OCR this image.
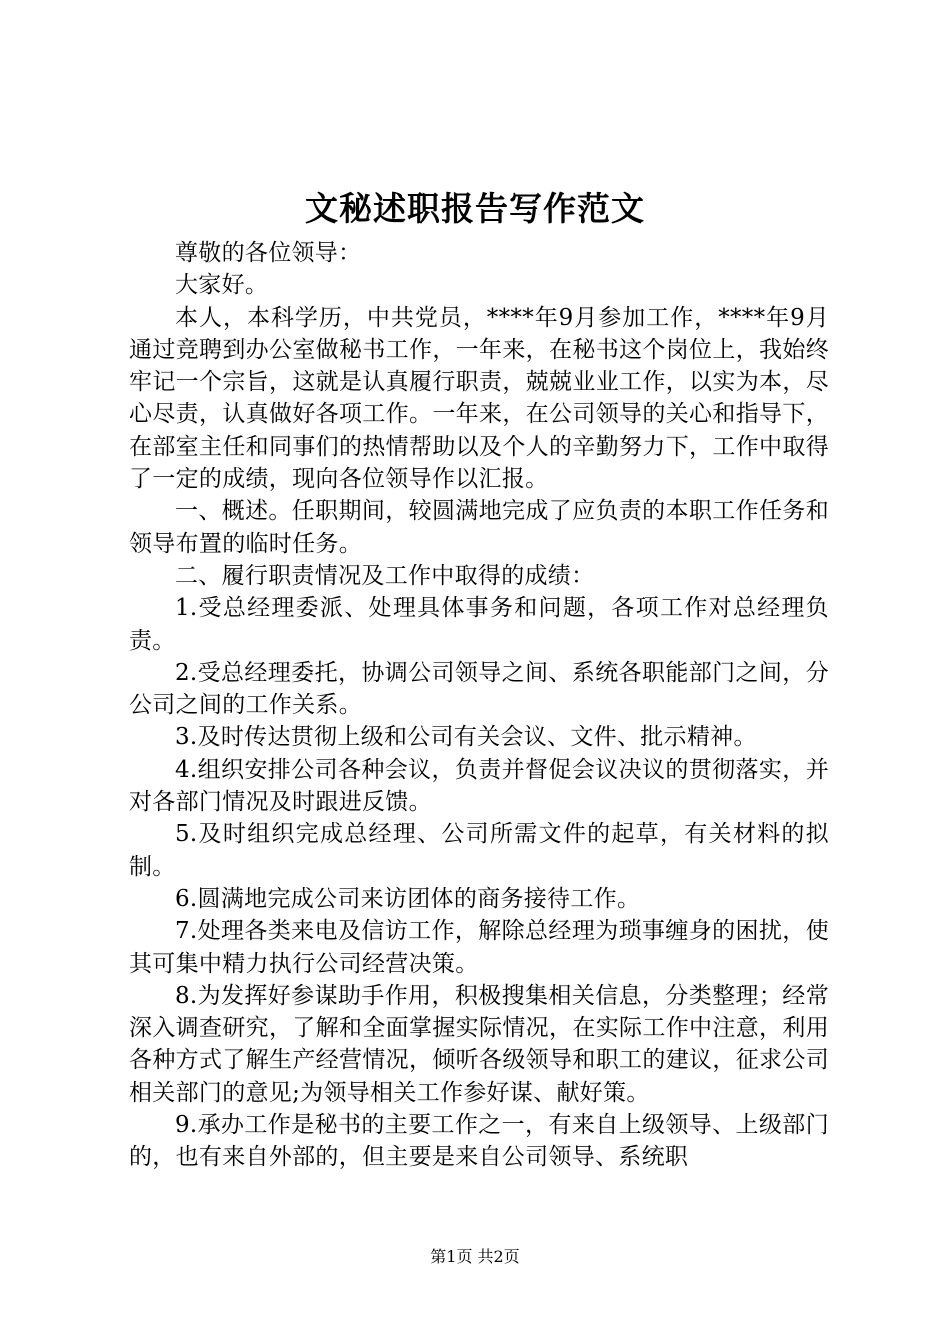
文秘述职报告写作范文

尊敬的各位领导：

大家好。

本人，本科学历，中共党员，****年9月参加工作，****年9月通过竞聘到办公室做秘书工作，一年来，在秘书这个岗位上，我始终牢记一个宗旨，这就是认真履行职责，兢兢业业工作，以实为本，尽心尽责，认真做好各项工作。一年来，在公司领导的关心和指导下，在部室主任和同事们的热情帮助以及个人的辛勤努力下，工作中取得了一定的成绩，现向各位领导作以汇报。

一、概述。任职期间，较圆满地完成了应负责的本职工作任务和领导布置的临时任务。

二、履行职责情况及工作中取得的成绩：

1.受总经理委派、处理具体事务和问题，各项工作对总经理负责。

2.受总经理委托，协调公司领导之间、系统各职能部门之间，分公司之间的工作关系。

3.及时传达贯彻上级和公司有关会议、文件、批示精神。

4.组织安排公司各种会议，负责并督促会议决议的贯彻落实，并对各部门情况及时跟进反馈。

5.及时组织完成总经理、公司所需文件的起草，有关材料的拟制。

6.圆满地完成公司来访团体的商务接待工作。

7.处理各类来电及信访工作，解除总经理为琐事缠身的困扰，使其可集中精力执行公司经营决策。

8.为发挥好参谋助手作用，积极搜集相关信息，分类整理；经常深入调查研究，了解和全面掌握实际情况，在实际工作中注意，利用各种方式了解生产经营情况，倾听各级领导和职工的建议，征求公司相关部门的意见;为领导相关工作参好谋、献好策。

9.承办工作是秘书的主要工作之一，有来自上级领导、上级部门的，也有来自外部的，但主要是来自公司领导、系统职

第1页 共2页
